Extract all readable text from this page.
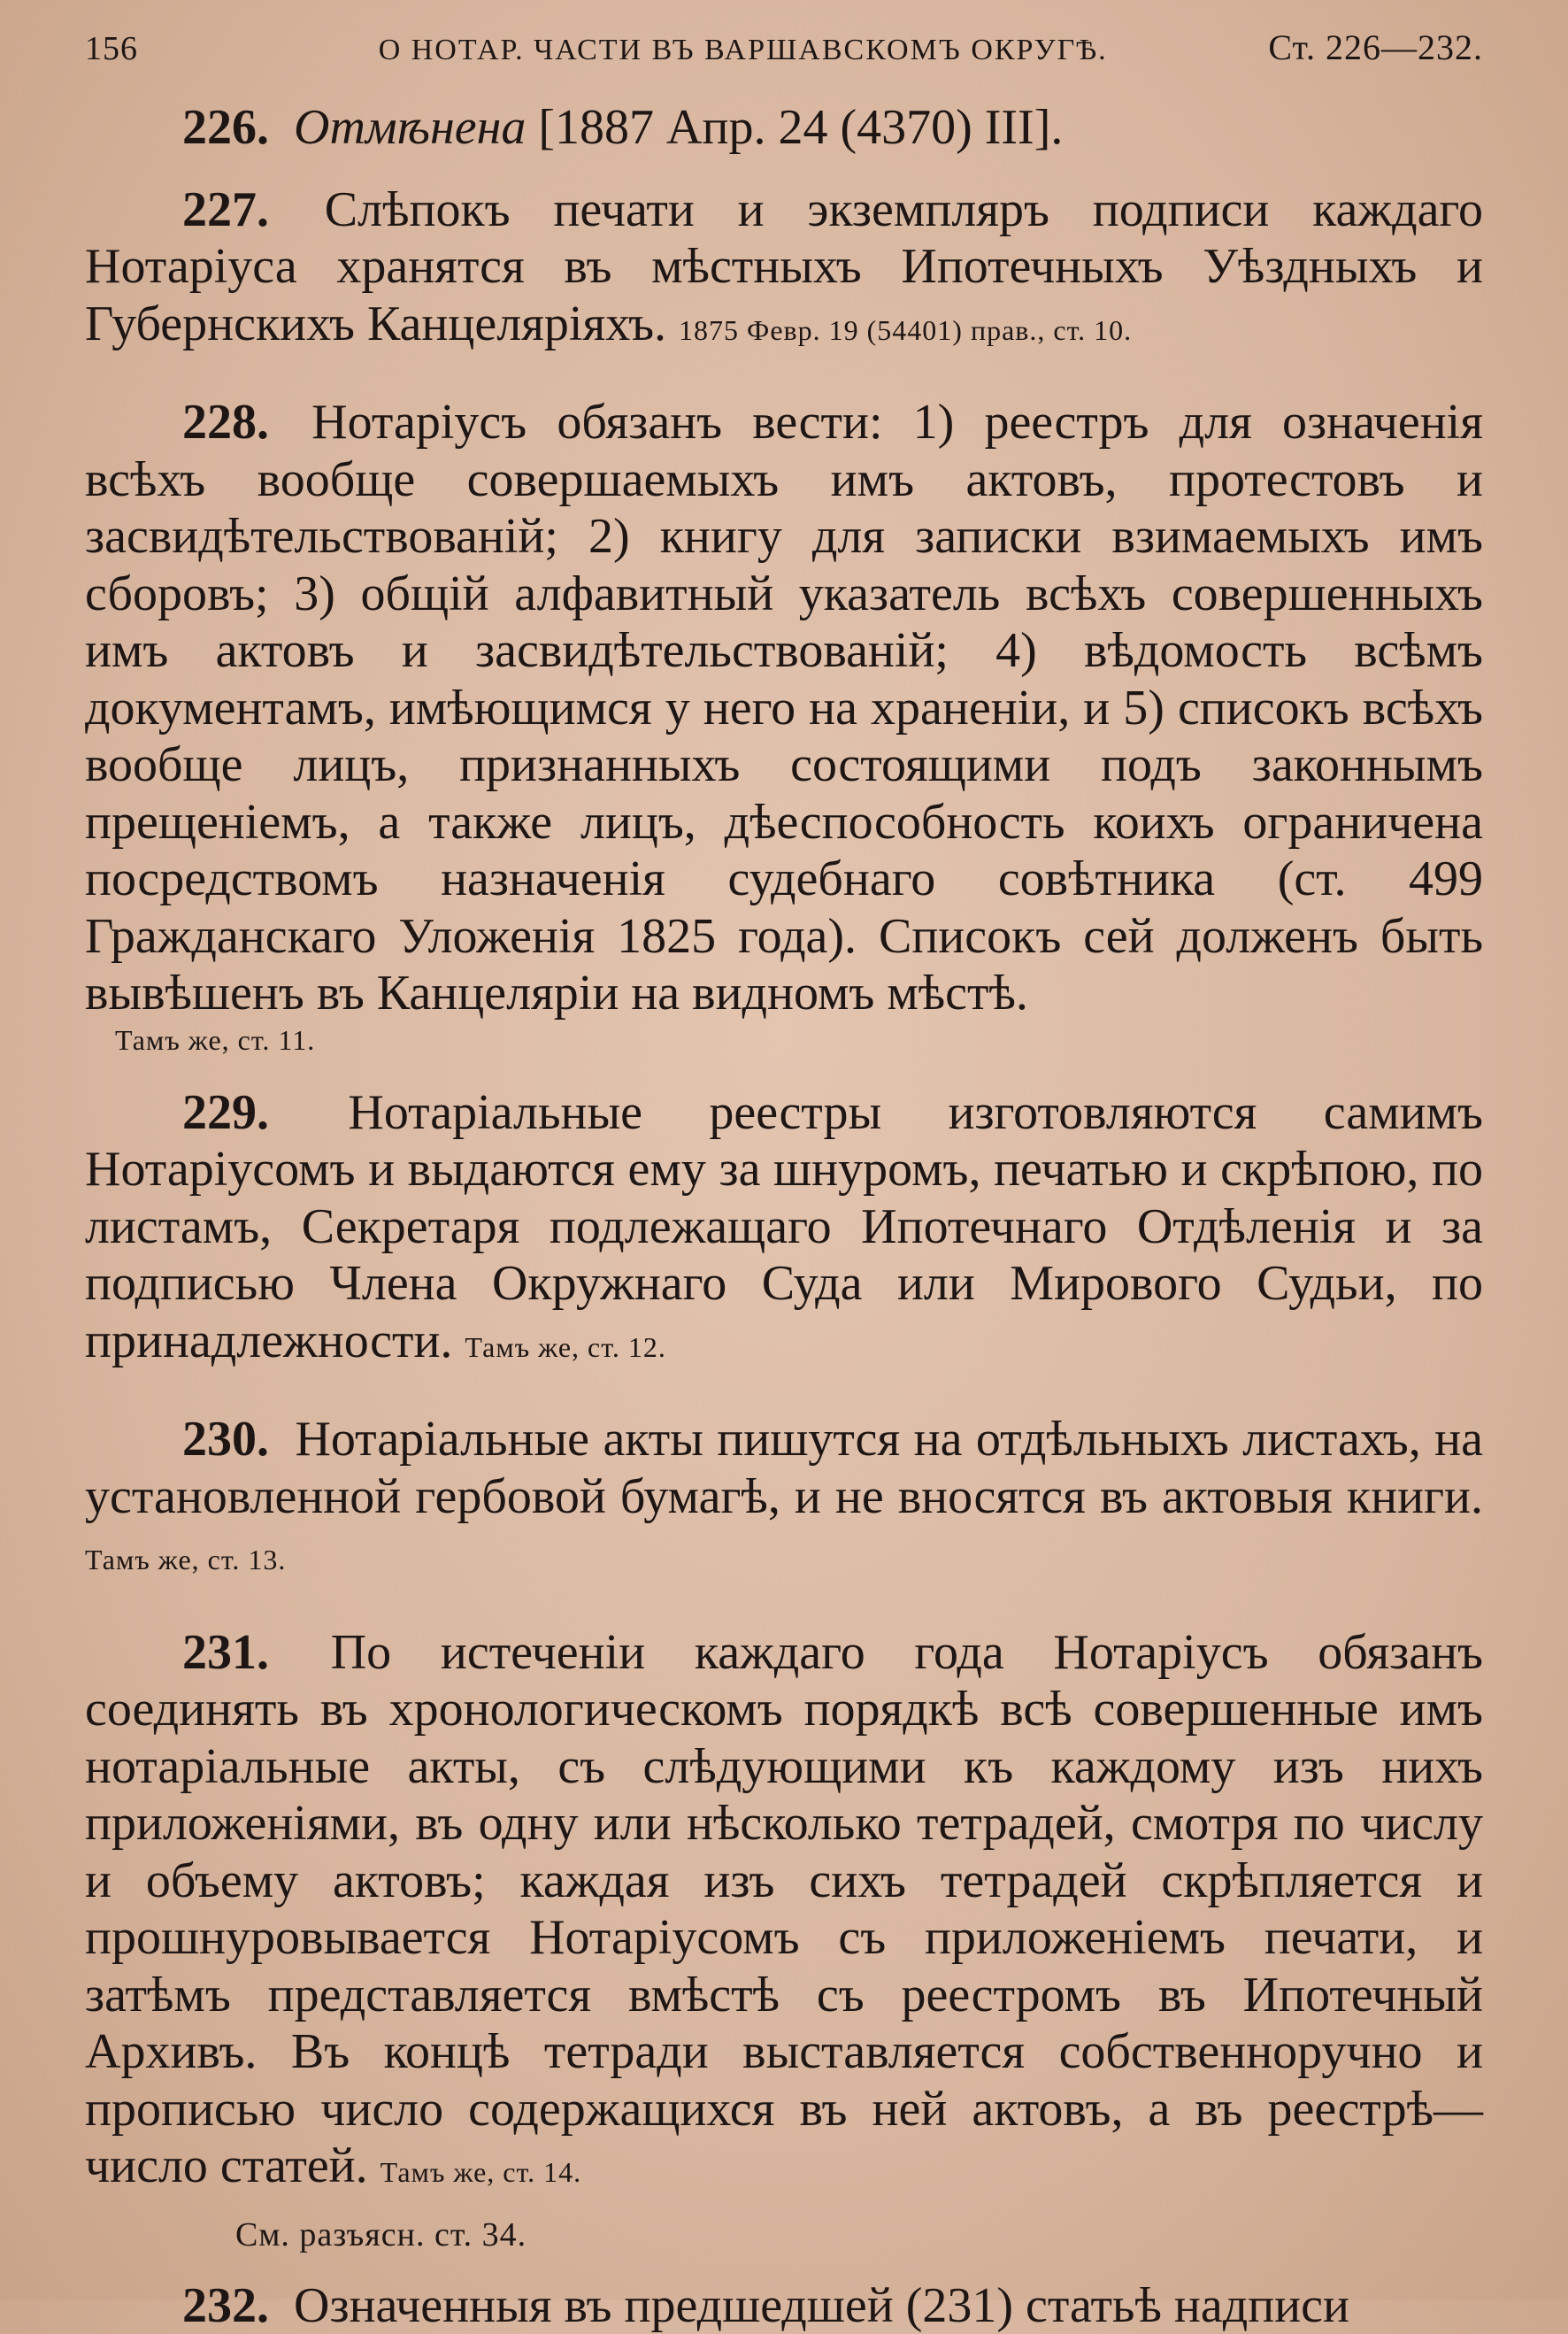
156	О НОТАР. ЧАСТИ ВЪ ВАРШАВСКОМЪ ОКРУГѢ.	Ст. 226—232.

226. Отмѣнена [1887 Апр. 24 (4370) III].

227. Слѣпокъ печати и экземпляръ подписи каждаго Нотаріуса хранятся въ мѣстныхъ Ипотечныхъ Уѣздныхъ и Губернскихъ Канцеляріяхъ. 1875 Февр. 19 (54401) прав., ст. 10.

228. Нотаріусъ обязанъ вести: 1) реестръ для означенія всѣхъ вообще совершаемыхъ имъ актовъ, протестовъ и засвидѣтельствованій; 2) книгу для записки взимаемыхъ имъ сборовъ; 3) общій алфавитный указатель всѣхъ совершенныхъ имъ актовъ и засвидѣтельствованій; 4) вѣдомость всѣмъ документамъ, имѣющимся у него на храненіи, и 5) списокъ всѣхъ вообще лицъ, признанныхъ состоящими подъ законнымъ прещеніемъ, а также лицъ, дѣеспособность коихъ ограничена посредствомъ назначенія судебнаго совѣтника (ст. 499 Гражданскаго Уложенія 1825 года). Списокъ сей долженъ быть вывѣшенъ въ Канцеляріи на видномъ мѣстѣ.

Тамъ же, ст. 11.

229. Нотаріальные реестры изготовляются самимъ Нотаріусомъ и выдаются ему за шнуромъ, печатью и скрѣпою, по листамъ, Секретаря подлежащаго Ипотечнаго Отдѣленія и за подписью Члена Окружнаго Суда или Мирового Судьи, по принадлежности. Тамъ же, ст. 12.

230. Нотаріальные акты пишутся на отдѣльныхъ листахъ, на установленной гербовой бумагѣ, и не вносятся въ актовыя книги. Тамъ же, ст. 13.

231. По истеченіи каждаго года Нотаріусъ обязанъ соединять въ хронологическомъ порядкѣ всѣ совершенные имъ нотаріальные акты, съ слѣдующими къ каждому изъ нихъ приложеніями, въ одну или нѣсколько тетрадей, смотря по числу и объему актовъ; каждая изъ сихъ тетрадей скрѣпляется и прошнуровывается Нотаріусомъ съ приложеніемъ печати, и затѣмъ представляется вмѣстѣ съ реестромъ въ Ипотечный Архивъ. Въ концѣ тетради выставляется собственноручно и прописью число содержащихся въ ней актовъ, а въ реестрѣ—число статей. Тамъ же, ст. 14.

См. разъясн. ст. 34.

232. Означенныя въ предшедшей (231) статьѣ надписи
